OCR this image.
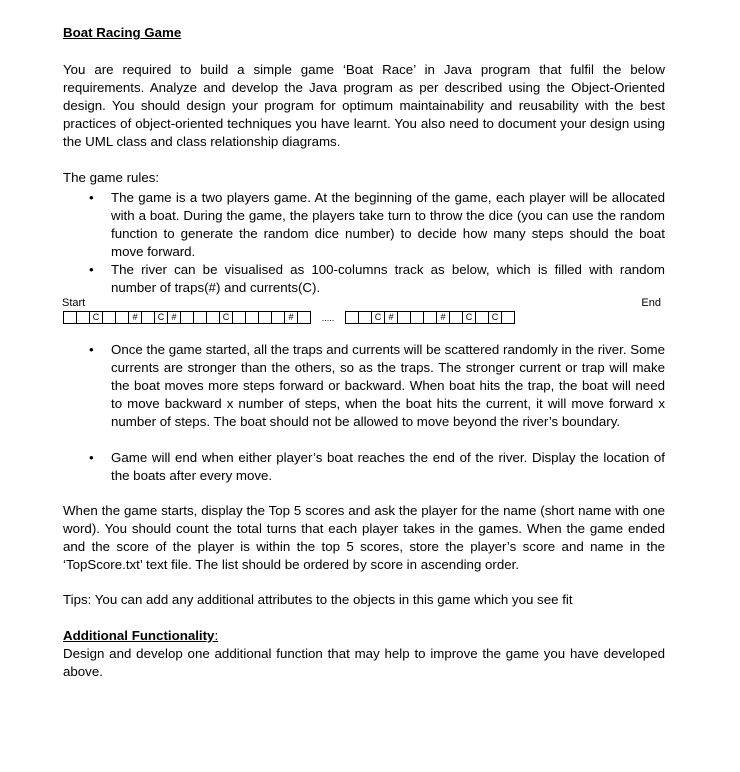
Boat Racing Game

You are required to build a simple game ‘Boat Race’ in Java program that fulfil the below requirements. Analyze and develop the Java program as per described using the Object-Oriented design. You should design your program for optimum maintainability and reusability with the best practices of object-oriented techniques you have learnt. You also need to document your design using the UML class and class relationship diagrams.

The game rules:
• The game is a two players game. At the beginning of the game, each player will be allocated with a boat. During the game, the players take turn to throw the dice (you can use the random function to generate the random dice number) to decide how many steps should the boat move forward.
• The river can be visualised as 100-columns track as below, which is filled with random number of traps(#) and currents(C).
Start	End
C	#	C #	C	#	.....	C #	#	C	C
• Once the game started, all the traps and currents will be scattered randomly in the river. Some currents are stronger than the others, so as the traps. The stronger current or trap will make the boat moves more steps forward or backward. When boat hits the trap, the boat will need to move backward x number of steps, when the boat hits the current, it will move forward x number of steps. The boat should not be allowed to move beyond the river’s boundary.
• Game will end when either player’s boat reaches the end of the river. Display the location of the boats after every move.

When the game starts, display the Top 5 scores and ask the player for the name (short name with one word). You should count the total turns that each player takes in the games. When the game ended and the score of the player is within the top 5 scores, store the player’s score and name in the ‘TopScore.txt’ text file. The list should be ordered by score in ascending order.

Tips: You can add any additional attributes to the objects in this game which you see fit
Additional Functionality:

Design and develop one additional function that may help to improve the game you have developed above.
